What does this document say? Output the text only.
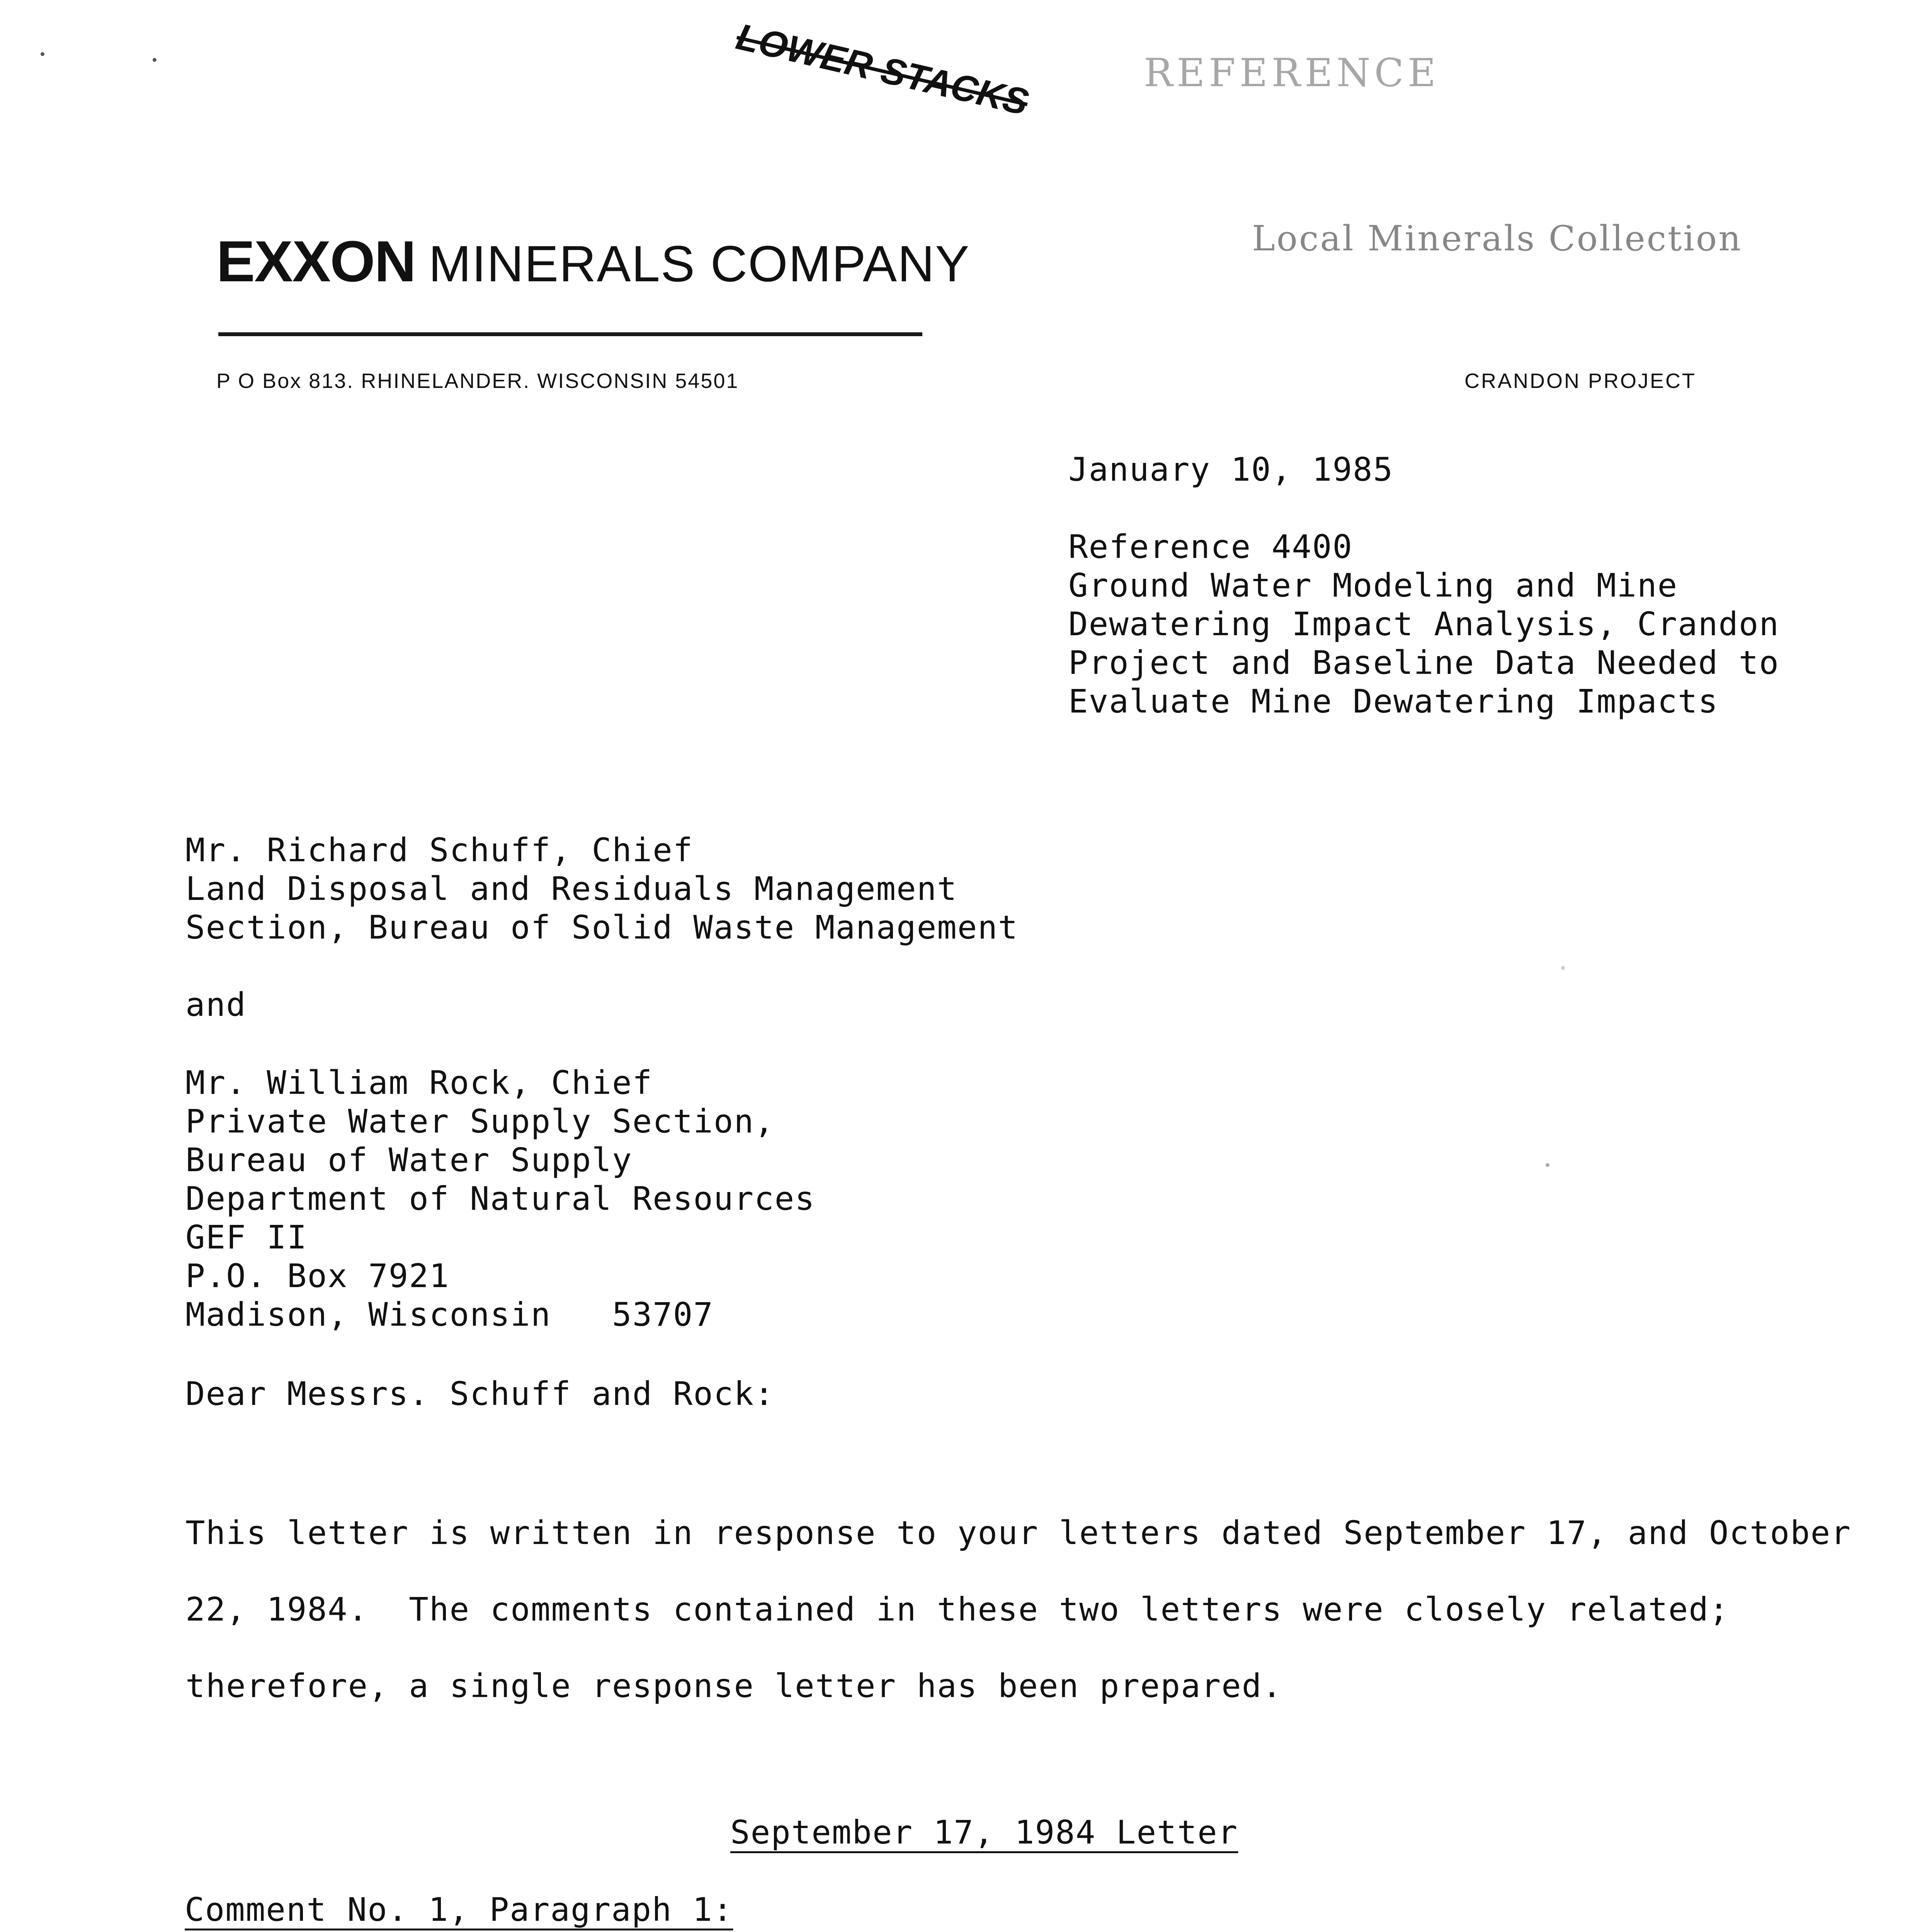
LOWER STACKS	REFERENCE
Local Minerals Collection
EXXON MINERALS COMPANY
P O Box 813. RHINELANDER. WISCONSIN 54501	CRANDON PROJECT
January 10, 1985
Reference 4400
Ground Water Modeling and Mine
Dewatering Impact Analysis, Crandon
Project and Baseline Data Needed to
Evaluate Mine Dewatering Impacts
Mr. Richard Schuff, Chief
Land Disposal and Residuals Management
Section, Bureau of Solid Waste Management
and
Mr. William Rock, Chief
Private Water Supply Section,
Bureau of Water Supply
Department of Natural Resources
GEF II
P.O. Box 7921
Madison, Wisconsin   53707
Dear Messrs. Schuff and Rock:
This letter is written in response to your letters dated September 17, and October
22, 1984.  The comments contained in these two letters were closely related;
therefore, a single response letter has been prepared.
September 17, 1984 Letter
Comment No. 1, Paragraph 1:
